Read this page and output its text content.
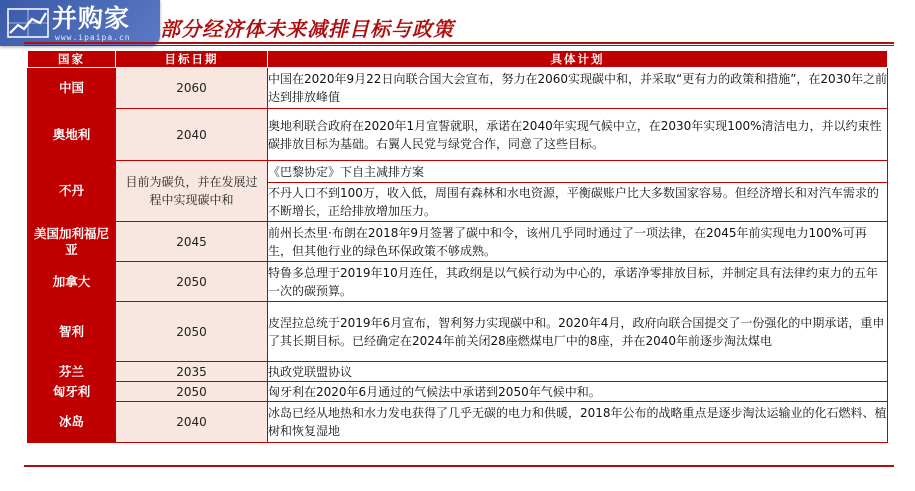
并购家
www.ipaipa.cn 部分经济体未来减排目标与政策
国家	目标日期	具体计划
中国	2060	中国在2020年9月22日向联合国大会宣布，努力在2060实现碳中和，并采取“更有力的政策和措施”，在2030年之前达到排放峰值
奥地利	2040	奥地利联合政府在2020年1月宣誓就职，承诺在2040年实现气候中立，在2030年实现100%清洁电力，并以约束性碳排放目标为基础。右翼人民党与绿党合作，同意了这些目标。
不丹	目前为碳负，并在发展过程中实现碳中和	《巴黎协定》下自主减排方案
不丹人口不到100万，收入低，周围有森林和水电资源，平衡碳账户比大多数国家容易。但经济增长和对汽车需求的不断增长，正给排放增加压力。

美国加利福尼亚	2045	前州长杰里·布朗在2018年9月签署了碳中和令，该州几乎同时通过了一项法律，在2045年前实现电力100%可再生，但其他行业的绿色环保政策不够成熟。
加拿大	2050	特鲁多总理于2019年10月连任，其政纲是以气候行动为中心的，承诺净零排放目标，并制定具有法律约束力的五年一次的碳预算。
智利	2050	皮涅拉总统于2019年6月宣布，智利努力实现碳中和。2020年4月，政府向联合国提交了一份强化的中期承诺，重申了其长期目标。已经确定在2024年前关闭28座燃煤电厂中的8座，并在2040年前逐步淘汰煤电
芬兰	2035	执政党联盟协议
匈牙利	2050	匈牙利在2020年6月通过的气候法中承诺到2050年气候中和。
冰岛	2040	冰岛已经从地热和水力发电获得了几乎无碳的电力和供暖，2018年公布的战略重点是逐步淘汰运输业的化石燃料、植树和恢复湿地
